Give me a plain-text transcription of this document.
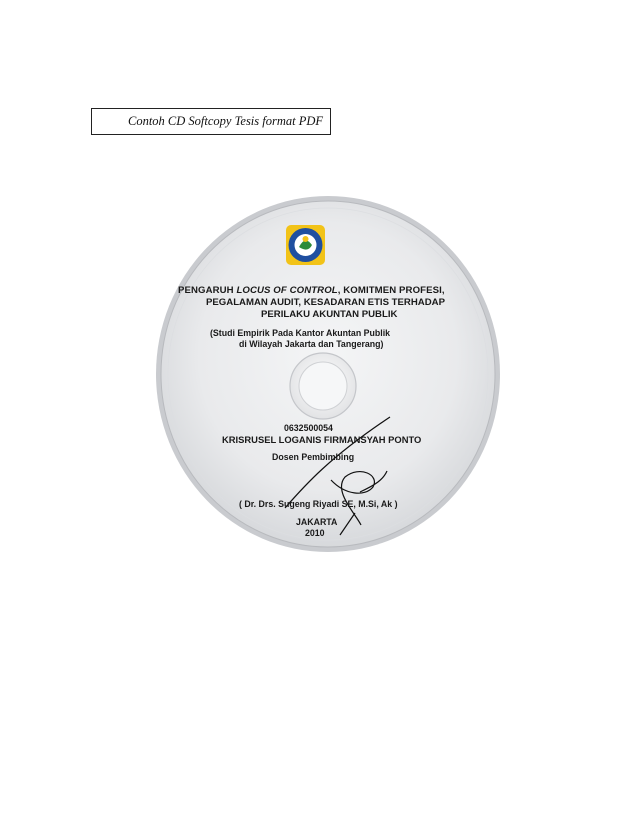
Contoh CD Softcopy Tesis format PDF
PENGARUH LOCUS OF CONTROL, KOMITMEN PROFESI,
PEGALAMAN AUDIT, KESADARAN ETIS TERHADAP
PERILAKU AKUNTAN PUBLIK
(Studi Empirik Pada Kantor Akuntan Publik
di Wilayah Jakarta dan Tangerang)
0632500054
KRISRUSEL LOGANIS FIRMANSYAH PONTO
Dosen Pembimbing
( Dr. Drs. Sugeng Riyadi SE, M.Si, Ak )
JAKARTA
2010
